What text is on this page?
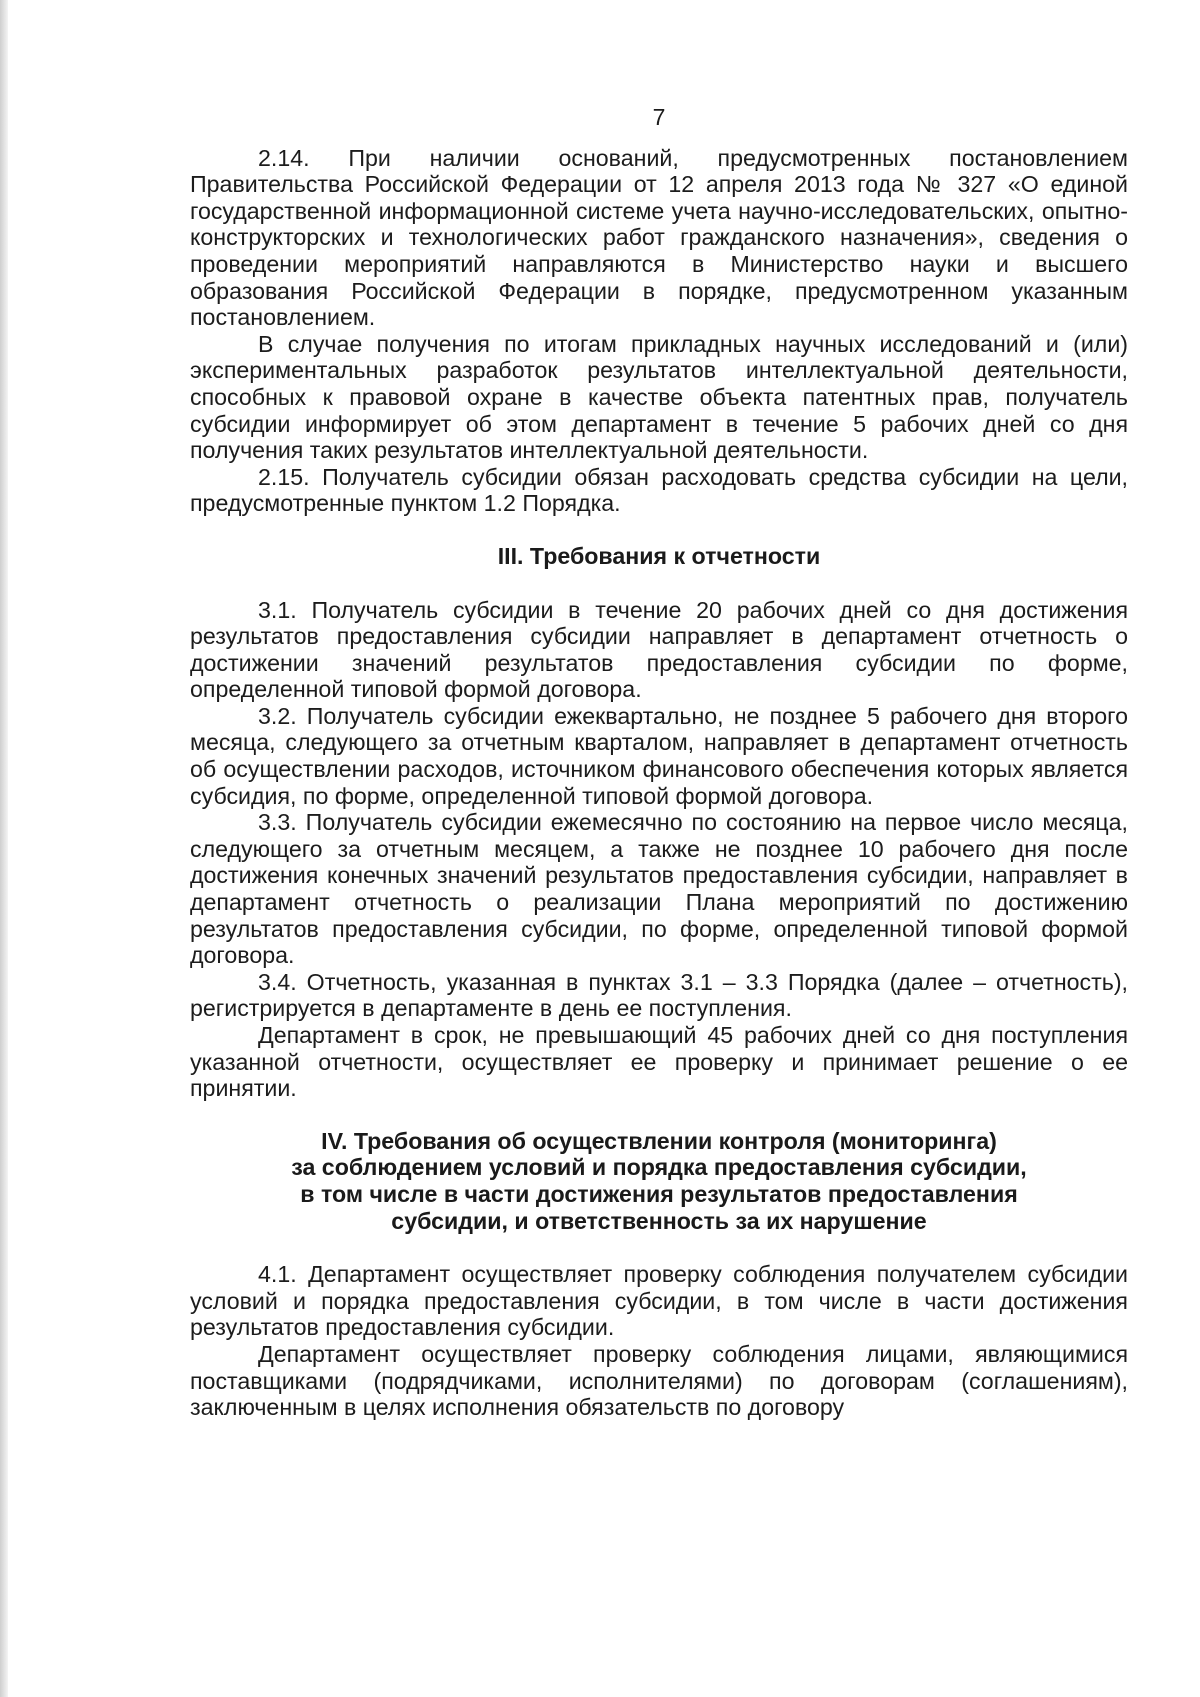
7

2.14. При наличии оснований, предусмотренных постановлением Правительства Российской Федерации от 12 апреля 2013 года № 327 «О единой государственной информационной системе учета научно-исследовательских, опытно-конструкторских и технологических работ гражданского назначения», сведения о проведении мероприятий направляются в Министерство науки и высшего образования Российской Федерации в порядке, предусмотренном указанным постановлением.

В случае получения по итогам прикладных научных исследований и (или) экспериментальных разработок результатов интеллектуальной деятельности, способных к правовой охране в качестве объекта патентных прав, получатель субсидии информирует об этом департамент в течение 5 рабочих дней со дня получения таких результатов интеллектуальной деятельности.

2.15. Получатель субсидии обязан расходовать средства субсидии на цели, предусмотренные пунктом 1.2 Порядка.

III. Требования к отчетности

3.1. Получатель субсидии в течение 20 рабочих дней со дня достижения результатов предоставления субсидии направляет в департамент отчетность о достижении значений результатов предоставления субсидии по форме, определенной типовой формой договора.

3.2. Получатель субсидии ежеквартально, не позднее 5 рабочего дня второго месяца, следующего за отчетным кварталом, направляет в департамент отчетность об осуществлении расходов, источником финансового обеспечения которых является субсидия, по форме, определенной типовой формой договора.

3.3. Получатель субсидии ежемесячно по состоянию на первое число месяца, следующего за отчетным месяцем, а также не позднее 10 рабочего дня после достижения конечных значений результатов предоставления субсидии, направляет в департамент отчетность о реализации Плана мероприятий по достижению результатов предоставления субсидии, по форме, определенной типовой формой договора.

3.4. Отчетность, указанная в пунктах 3.1 – 3.3 Порядка (далее – отчетность), регистрируется в департаменте в день ее поступления.

Департамент в срок, не превышающий 45 рабочих дней со дня поступления указанной отчетности, осуществляет ее проверку и принимает решение о ее принятии.

IV. Требования об осуществлении контроля (мониторинга)
за соблюдением условий и порядка предоставления субсидии,
в том числе в части достижения результатов предоставления
субсидии, и ответственность за их нарушение

4.1. Департамент осуществляет проверку соблюдения получателем субсидии условий и порядка предоставления субсидии, в том числе в части достижения результатов предоставления субсидии.

Департамент осуществляет проверку соблюдения лицами, являющимися поставщиками (подрядчиками, исполнителями) по договорам (соглашениям), заключенным в целях исполнения обязательств по договору
